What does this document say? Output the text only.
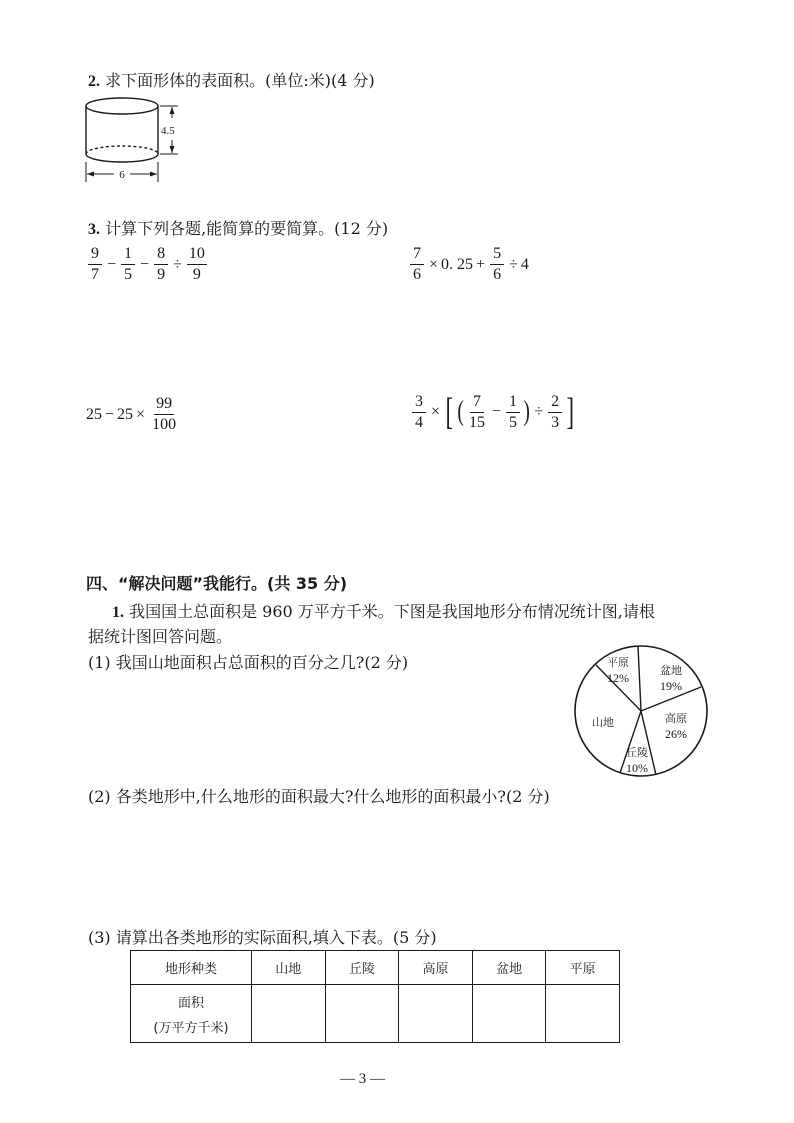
2. 求下面形体的表面积。(单位:米)(4 分)
4.5
6
3. 计算下列各题,能简算的要简算。(12 分)
$\frac{9}{7} - \frac{1}{5} - \frac{8}{9} \div \frac{10}{9}$	$\frac{7}{6} \times 0$. $25 + \frac{5}{6} \div 4$
$25 - 25 \times \frac{99}{100}$	$\frac{3}{4}$ × [ ( $\frac{7}{15} - \frac{1}{5}$ ) ÷ $\frac{2}{3}$ ]
四、“解决问题”我能行。(共 35 分)
1. 我国国土总面积是 960 万平方千米。下图是我国地形分布情况统计图,请根
据统计图回答问题。
(1) 我国山地面积占总面积的百分之几?(2 分)	平原
12%
盆地
19%
高原
26%
丘陵
10%
山地
(2) 各类地形中,什么地形的面积最大?什么地形的面积最小?(2 分)
(3) 请算出各类地形的实际面积,填入下表。(5 分)
地形种类	山地	丘陵	高原	盆地	平原

面积
(万平方千米)					

— 3 —
